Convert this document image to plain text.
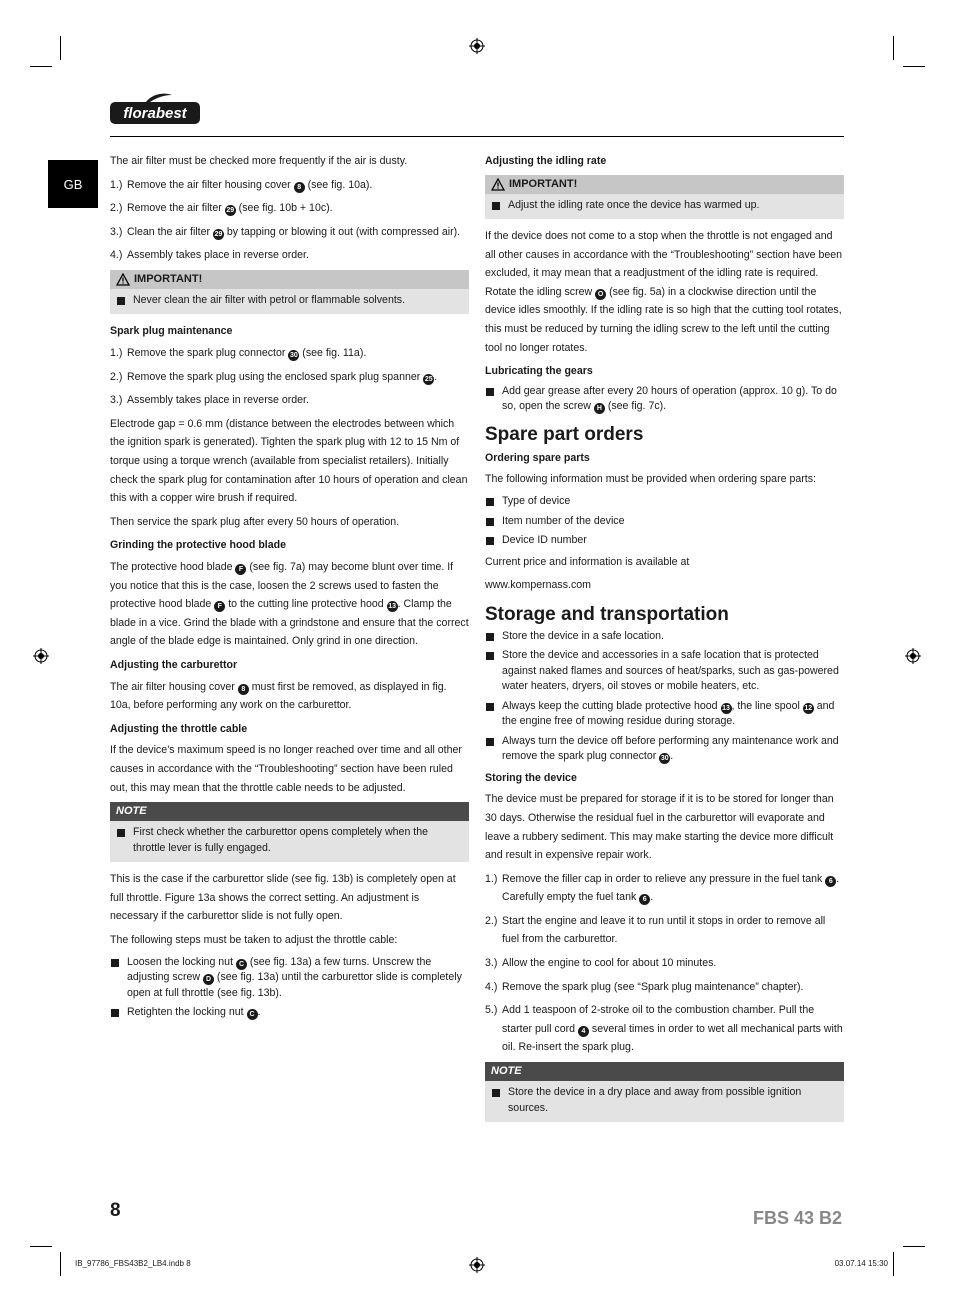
florabest
GB
The air filter must be checked more frequently if the air is dusty.
1.) Remove the air filter housing cover 8 (see fig. 10a).
2.) Remove the air filter 29 (see fig. 10b + 10c).
3.) Clean the air filter 29 by tapping or blowing it out (with compressed air).
4.) Assembly takes place in reverse order.
IMPORTANT!
Never clean the air filter with petrol or flammable solvents.
Spark plug maintenance
1.) Remove the spark plug connector 30 (see fig. 11a).
2.) Remove the spark plug using the enclosed spark plug spanner 25 .
3.) Assembly takes place in reverse order.
Electrode gap = 0.6 mm (distance between the electrodes between which the ignition spark is generated). Tighten the spark plug with 12 to 15 Nm of torque using a torque wrench (available from specialist retailers). Initially check the spark plug for contamination after 10 hours of operation and clean this with a copper wire brush if required.
Then service the spark plug after every 50 hours of operation.
Grinding the protective hood blade
The protective hood blade F (see fig. 7a) may become blunt over time. If you notice that this is the case, loosen the 2 screws used to fasten the protective hood blade F to the cutting line protective hood 13 . Clamp the blade in a vice. Grind the blade with a grindstone and ensure that the correct angle of the blade edge is maintained. Only grind in one direction.
Adjusting the carburettor
The air filter housing cover 8 must first be removed, as displayed in fig. 10a, before performing any work on the carburettor.
Adjusting the throttle cable
If the device’s maximum speed is no longer reached over time and all other causes in accordance with the “Troubleshooting” section have been ruled out, this may mean that the throttle cable needs to be adjusted.
NOTE
First check whether the carburettor opens completely when the throttle lever is fully engaged.
This is the case if the carburettor slide (see fig. 13b) is completely open at full throttle. Figure 13a shows the correct setting. An adjustment is necessary if the carburettor slide is not fully open.
The following steps must be taken to adjust the throttle cable:
Loosen the locking nut C (see fig. 13a) a few turns. Unscrew the adjusting screw D (see fig. 13a) until the carburettor slide is completely open at full throttle (see fig. 13b).
Retighten the locking nut C .
Adjusting the idling rate
IMPORTANT!
Adjust the idling rate once the device has warmed up.
If the device does not come to a stop when the throttle is not engaged and all other causes in accordance with the “Troubleshooting” section have been excluded, it may mean that a readjustment of the idling rate is required. Rotate the idling screw O (see fig. 5a) in a clockwise direction until the device idles smoothly. If the idling rate is so high that the cutting tool rotates, this must be reduced by turning the idling screw to the left until the cutting tool no longer rotates.
Lubricating the gears
Add gear grease after every 20 hours of operation (approx. 10 g). To do so, open the screw H (see fig. 7c).
Spare part orders
Ordering spare parts
The following information must be provided when ordering spare parts:
Type of device
Item number of the device
Device ID number
Current price and information is available at
www.kompernass.com
Storage and transportation
Store the device in a safe location.
Store the device and accessories in a safe location that is protected against naked flames and sources of heat/sparks, such as gas-powered water heaters, dryers, oil stoves or mobile heaters, etc.
Always keep the cutting blade protective hood 13 , the line spool 12 and the engine free of mowing residue during storage.
Always turn the device off before performing any maintenance work and remove the spark plug connector 30 .
Storing the device
The device must be prepared for storage if it is to be stored for longer than 30 days. Otherwise the residual fuel in the carburettor will evaporate and leave a rubbery sediment. This may make starting the device more difficult and result in expensive repair work.
1.) Remove the filler cap in order to relieve any pressure in the fuel tank 6 . Carefully empty the fuel tank 6 .
2.) Start the engine and leave it to run until it stops in order to remove all fuel from the carburettor.
3.) Allow the engine to cool for about 10 minutes.
4.) Remove the spark plug (see “Spark plug maintenance” chapter).
5.) Add 1 teaspoon of 2-stroke oil to the combustion chamber. Pull the starter pull cord 4 several times in order to wet all mechanical parts with oil. Re-insert the spark plug.
NOTE
Store the device in a dry place and away from possible ignition sources.
8	FBS 43 B2
IB_97786_FBS43B2_LB4.indb 8	03.07.14 15:30
